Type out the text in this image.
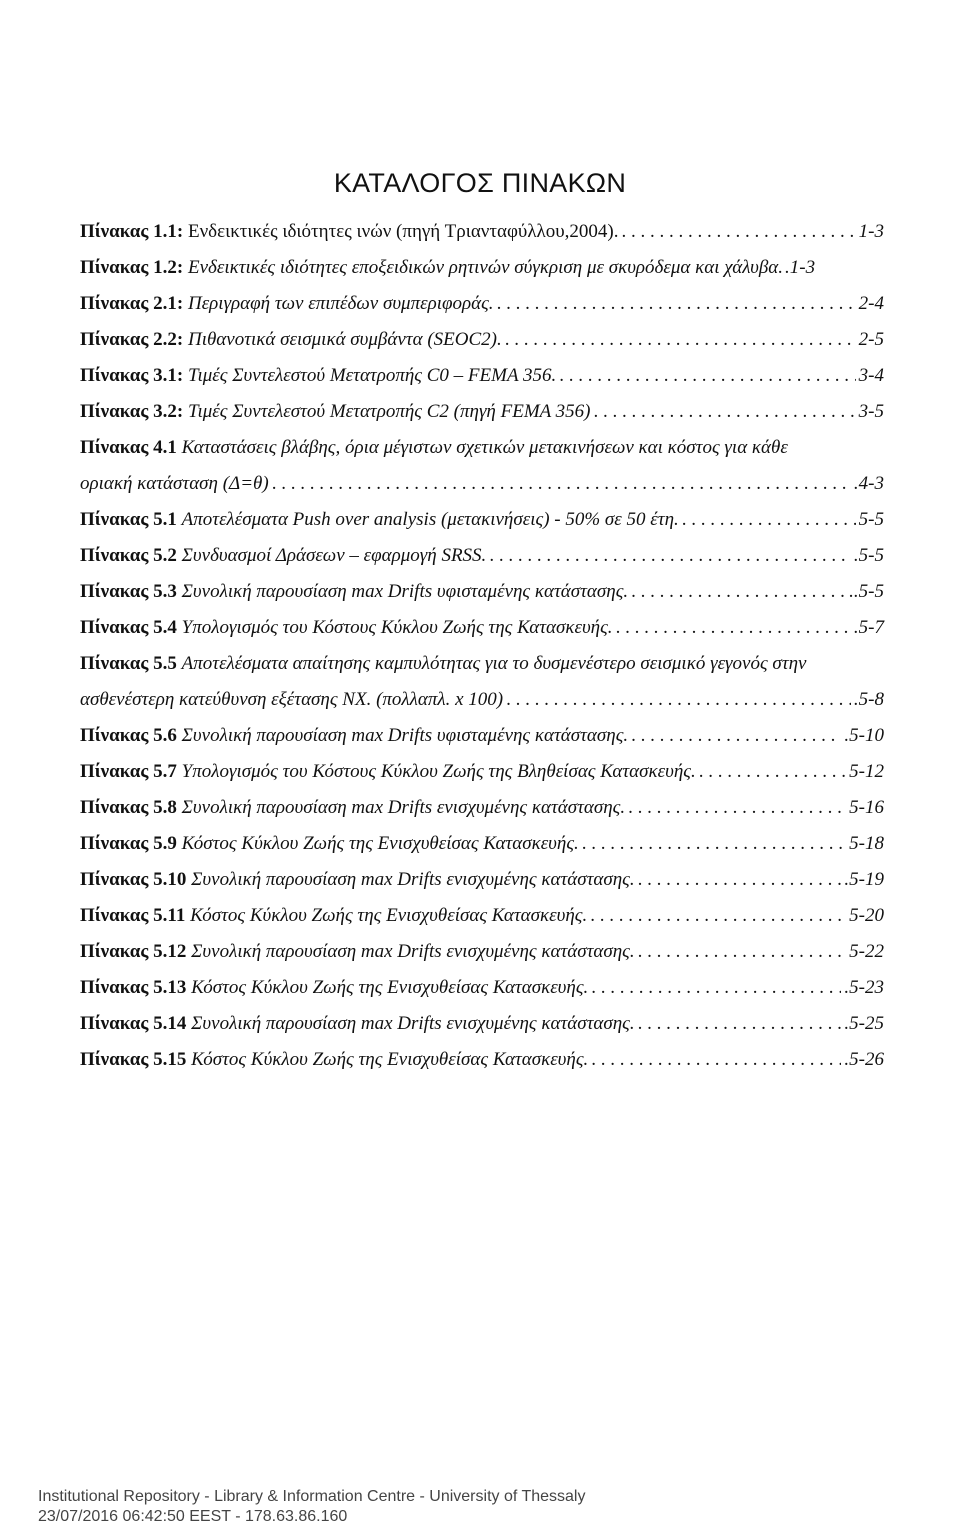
ΚΑΤΑΛΟΓΟΣ ΠΙΝΑΚΩΝ
Πίνακας 1.1:
Ενδεικτικές ιδιότητες ινών (πηγή Τριανταφύλλου,2004). . . .	1-3
Πίνακας 1.2:
Ενδεικτικές ιδιότητες εποξειδικών ρητινών σύγκριση με σκυρόδεμα και χάλυβα. .1-3
Πίνακας 2.1:
Περιγραφή των επιπέδων συμπεριφοράς. . . .	2-4
Πίνακας 2.2:
Πιθανοτικά σεισμικά συμβάντα (SEOC2). . . .	2-5
Πίνακας 3.1:
Τιμές Συντελεστού Μετατροπής C0 – FEMA 356. . . .	3-4
Πίνακας 3.2:
Τιμές Συντελεστού Μετατροπής C2 (πηγή FEMA 356) . . .	3-5
Πίνακας 4.1
Καταστάσεις βλάβης, όρια μέγιστων σχετικών μετακινήσεων και κόστος για κάθε
οριακή κατάσταση (Δ=θ) . . .	.4-3
Πίνακας 5.1
Αποτελέσματα Push over analysis (μετακινήσεις) - 50% σε 50 έτη. . . .	5-5
Πίνακας 5.2
Συνδυασμοί Δράσεων – εφαρμογή SRSS. . . .	.5-5
Πίνακας 5.3
Συνολική παρουσίαση max Drifts υφισταμένης κατάστασης. . . .	..5-5
Πίνακας 5.4
Υπολογισμός του Κόστους Κύκλου Ζωής της Κατασκευής. . . .	.5-7
Πίνακας 5.5
Αποτελέσματα απαίτησης καμπυλότητας για το δυσμενέστερο σεισμικό γεγονός στην
ασθενέστερη κατεύθυνση εξέτασης ΝΧ. (πολλαπλ. x 100) . . .	.5-8
Πίνακας 5.6
Συνολική παρουσίαση max Drifts υφισταμένης κατάστασης. . . .	.5-10
Πίνακας 5.7
Υπολογισμός του Κόστους Κύκλου Ζωής της Βληθείσας Κατασκευής. . . .	5-12
Πίνακας 5.8
Συνολική παρουσίαση max Drifts ενισχυμένης κατάστασης. . . .	5-16
Πίνακας 5.9
Κόστος Κύκλου Ζωής της Ενισχυθείσας Κατασκευής. . . .	5-18
Πίνακας 5.10
Συνολική παρουσίαση max Drifts ενισχυμένης κατάστασης. . . .	.5-19
Πίνακας 5.11
Κόστος Κύκλου Ζωής της Ενισχυθείσας Κατασκευής. . . .	5-20
Πίνακας 5.12
Συνολική παρουσίαση max Drifts ενισχυμένης κατάστασης. . . .	5-22
Πίνακας 5.13
Κόστος Κύκλου Ζωής της Ενισχυθείσας Κατασκευής. . . .	.5-23
Πίνακας 5.14
Συνολική παρουσίαση max Drifts ενισχυμένης κατάστασης. . . .	.5-25
Πίνακας 5.15
Κόστος Κύκλου Ζωής της Ενισχυθείσας Κατασκευής. . . .	.5-26
Institutional Repository - Library & Information Centre - University of Thessaly
23/07/2016 06:42:50 EEST - 178.63.86.160
